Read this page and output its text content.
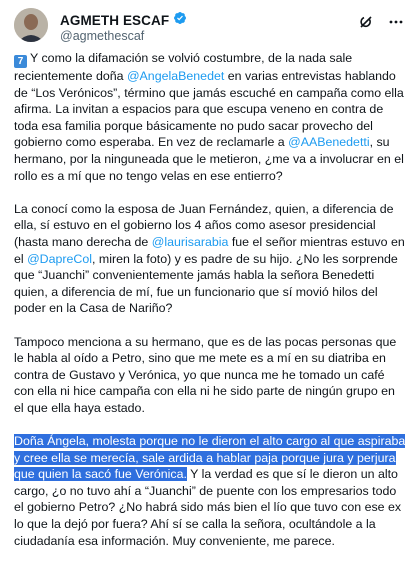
AGMETH ESCAF
@agmethescaf

7 Y como la difamación se volvió costumbre, de la nada sale recientemente doña @AngelaBenedet en varias entrevistas hablando de “Los Verónicos”, término que jamás escuché en campaña como ella afirma. La invitan a espacios para que escupa veneno en contra de toda esa familia porque básicamente no pudo sacar provecho del gobierno como esperaba. En vez de reclamarle a @AABenedetti, su hermano, por la ninguneada que le metieron, ¿me va a involucrar en el rollo es a mí que no tengo velas en ese entierro?

La conocí como la esposa de Juan Fernández, quien, a diferencia de ella, sí estuvo en el gobierno los 4 años como asesor presidencial (hasta mano derecha de @laurisarabia fue el señor mientras estuvo en el @DapreCol, miren la foto) y es padre de su hijo. ¿No les sorprende que “Juanchi” convenientemente jamás habla la señora Benedetti quien, a diferencia de mí, fue un funcionario que sí movió hilos del poder en la Casa de Nariño?

Tampoco menciona a su hermano, que es de las pocas personas que le habla al oído a Petro, sino que me mete es a mí en su diatriba en contra de Gustavo y Verónica, yo que nunca me he tomado un café con ella ni hice campaña con ella ni he sido parte de ningún grupo en el que ella haya estado.

Doña Ángela, molesta porque no le dieron el alto cargo al que aspiraba y cree ella se merecía, sale ardida a hablar paja porque jura y perjura que quien la sacó fue Verónica. Y la verdad es que sí le dieron un alto cargo, ¿o no tuvo ahí a “Juanchi” de puente con los empresarios todo el gobierno Petro? ¿No habrá sido más bien el lío que tuvo con ese ex lo que la dejó por fuera? Ahí sí se calla la señora, ocultándole a la ciudadanía esa información. Muy conveniente, me parece.
